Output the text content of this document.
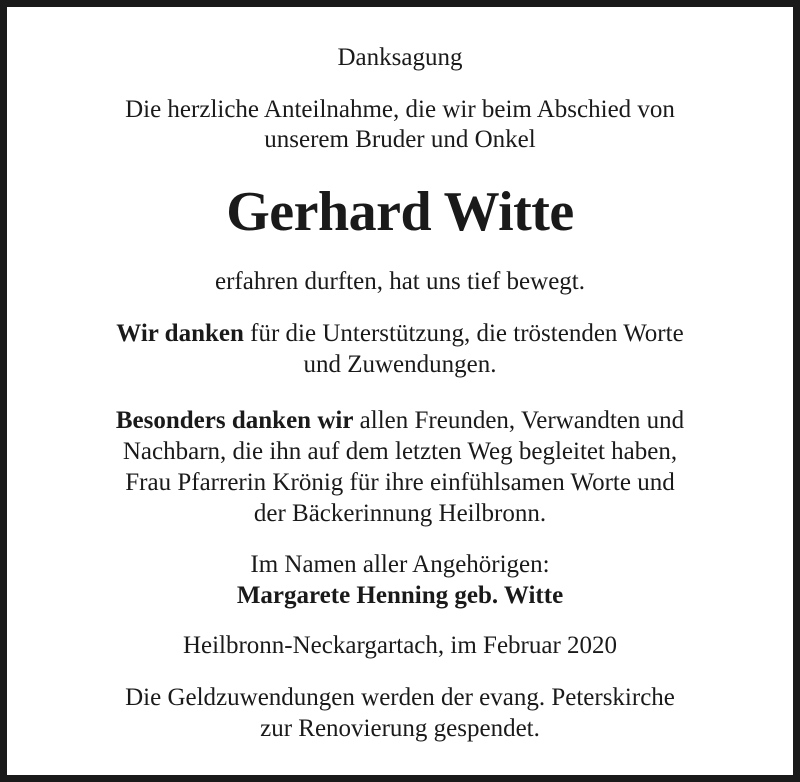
Danksagung
Die herzliche Anteilnahme, die wir beim Abschied von
unserem Bruder und Onkel
Gerhard Witte
erfahren durften, hat uns tief bewegt.
Wir danken für die Unterstützung, die tröstenden Worte
und Zuwendungen.
Besonders danken wir allen Freunden, Verwandten und
Nachbarn, die ihn auf dem letzten Weg begleitet haben,
Frau Pfarrerin Krönig für ihre einfühlsamen Worte und
der Bäckerinnung Heilbronn.
Im Namen aller Angehörigen:
Margarete Henning geb. Witte
Heilbronn-Neckargartach, im Februar 2020
Die Geldzuwendungen werden der evang. Peterskirche
zur Renovierung gespendet.
